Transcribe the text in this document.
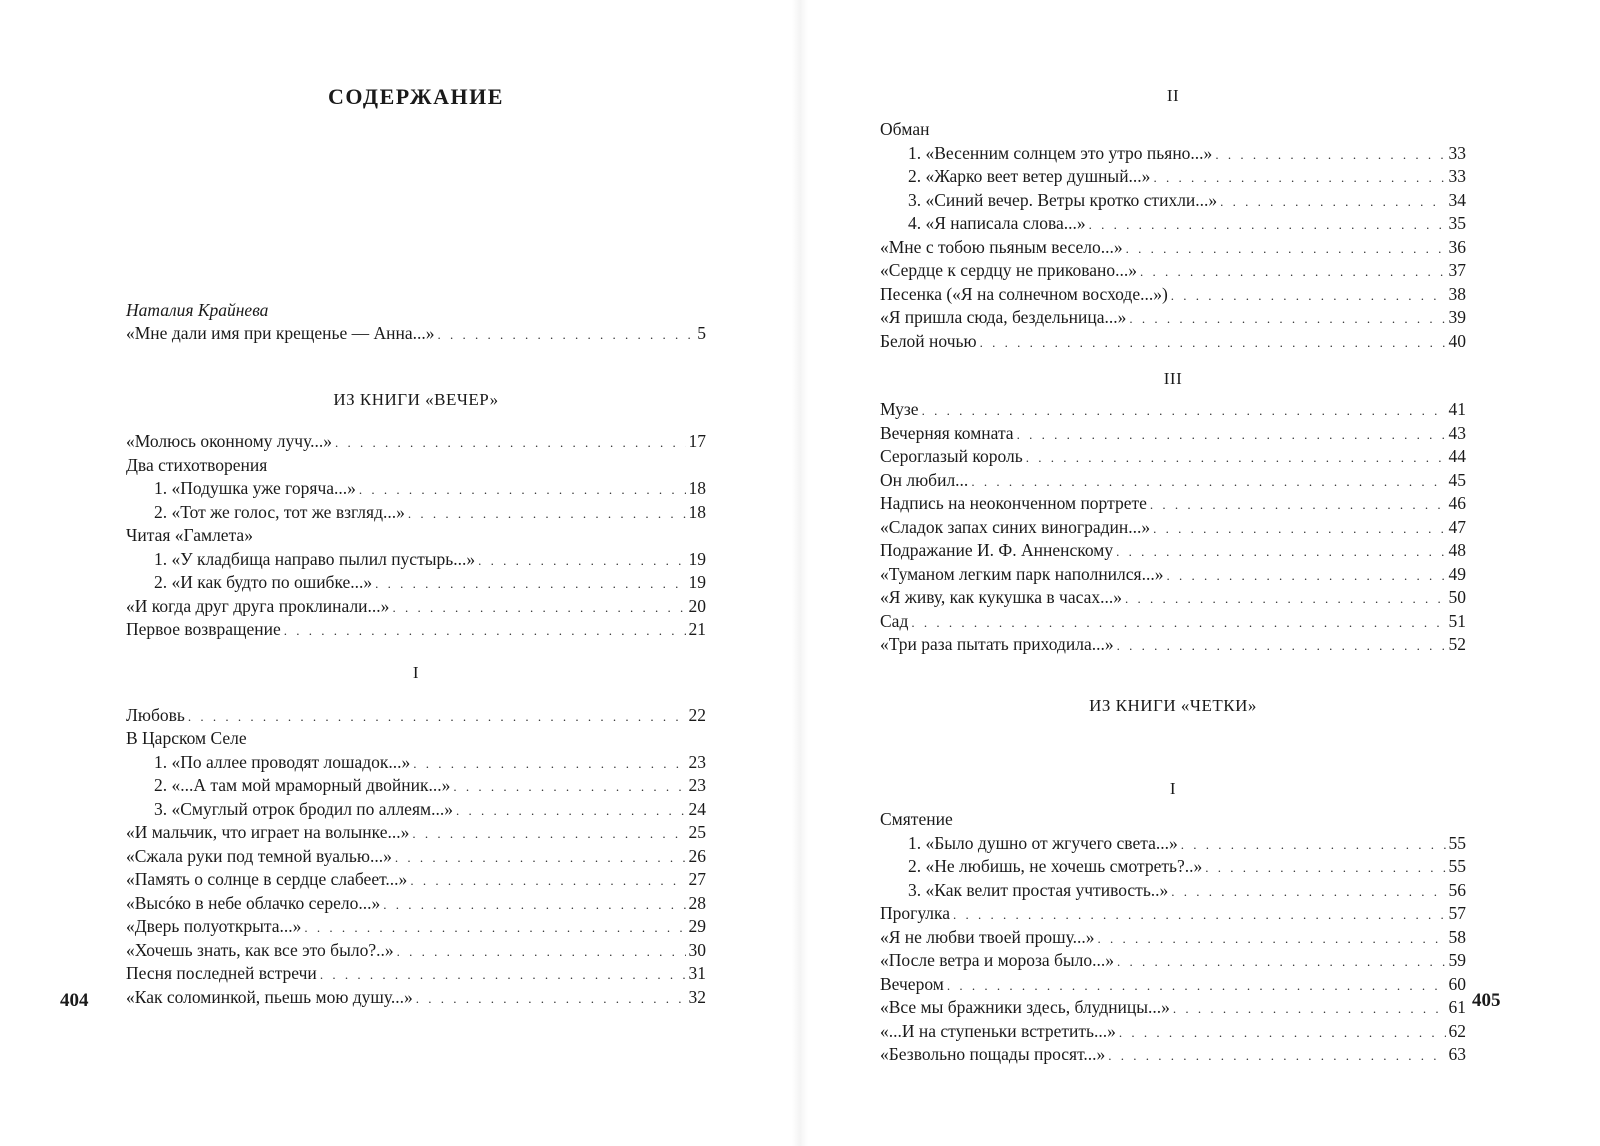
СОДЕРЖАНИЕ
Наталия Крайнева
«Мне дали имя при крещенье — Анна...» . . .	5
ИЗ КНИГИ «ВЕЧЕР»
«Молюсь оконному лучу...» . . .	17
Два стихотворения
1. «Подушка уже горяча...» . . .	18
2. «Тот же голос, тот же взгляд...» . . .	18
Читая «Гамлета»
1. «У кладбища направо пылил пустырь...» . . .	19
2. «И как будто по ошибке...» . . .	19
«И когда друг друга проклинали...» . . .	20
Первое возвращение . . .	21
I
Любовь . . .	22
В Царском Селе
1. «По аллее проводят лошадок...» . . .	23
2. «...А там мой мраморный двойник...» . . .	23
3. «Смуглый отрок бродил по аллеям...» . . .	24
«И мальчик, что играет на волынке...» . . .	25
«Сжала руки под темной вуалью...» . . .	26
«Память о солнце в сердце слабеет...» . . .	27
«Высóко в небе облачко серело...» . . .	28
«Дверь полуоткрыта...» . . .	29
«Хочешь знать, как все это было?..» . . .	30
Песня последней встречи . . .	31
«Как соломинкой, пьешь мою душу...» . . .	32
404
II
Обман
1. «Весенним солнцем это утро пьяно...» . . .	33
2. «Жарко веет ветер душный...» . . .	33
3. «Синий вечер. Ветры кротко стихли...» . . .	34
4. «Я написала слова...» . . .	35
«Мне с тобою пьяным весело...» . . .	36
«Сердце к сердцу не приковано...» . . .	37
Песенка («Я на солнечном восходе...») . . .	38
«Я пришла сюда, бездельница...» . . .	39
Белой ночью . . .	40
III
Музе . . .	41
Вечерняя комната . . .	43
Сероглазый король . . .	44
Он любил... . . .	45
Надпись на неоконченном портрете . . .	46
«Сладок запах синих виноградин...» . . .	47
Подражание И. Ф. Анненскому . . .	48
«Туманом легким парк наполнился...» . . .	49
«Я живу, как кукушка в часах...» . . .	50
Сад . . .	51
«Три раза пытать приходила...» . . .	52
ИЗ КНИГИ «ЧЕТКИ»
I
Смятение
1. «Было душно от жгучего света...» . . .	55
2. «Не любишь, не хочешь смотреть?..» . . .	55
3. «Как велит простая учтивость..» . . .	56
Прогулка . . .	57
«Я не любви твоей прошу...» . . .	58
«После ветра и мороза было...» . . .	59
Вечером . . .	60
«Все мы бражники здесь, блудницы...» . . .	61
«...И на ступеньки встретить...» . . .	62
«Безвольно пощады просят...» . . .	63
405
